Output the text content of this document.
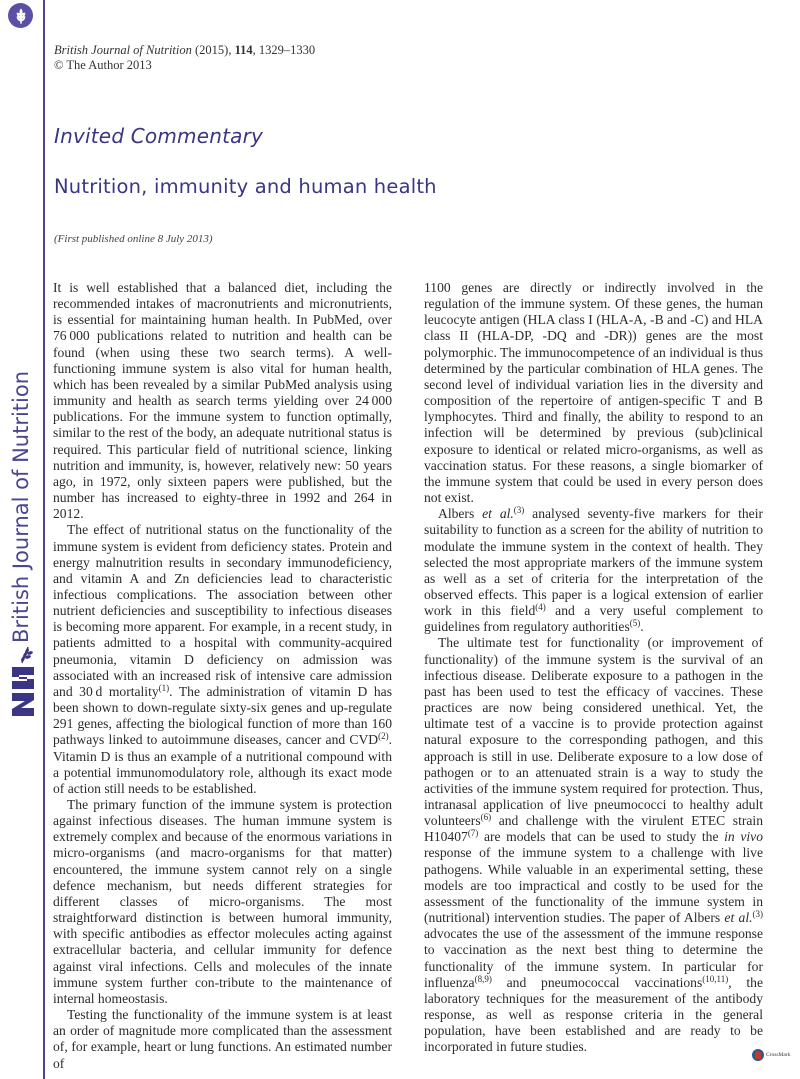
British Journal of Nutrition
British Journal of Nutrition (2015), 114, 1329–1330
© The Author 2013
Invited Commentary
Nutrition, immunity and human health
(First published online 8 July 2013)

It is well established that a balanced diet, including the recommended intakes of macronutrients and micronutrients, is essential for maintaining human health. In PubMed, over 76 000 publications related to nutrition and health can be found (when using these two search terms). A well-functioning immune system is also vital for human health, which has been revealed by a similar PubMed analysis using immunity and health as search terms yielding over 24 000 publications. For the immune system to function optimally, similar to the rest of the body, an adequate nutritional status is required. This particular field of nutritional science, linking nutrition and immunity, is, however, relatively new: 50 years ago, in 1972, only sixteen papers were published, but the number has increased to eighty-three in 1992 and 264 in 2012.

The effect of nutritional status on the functionality of the immune system is evident from deficiency states. Protein and energy malnutrition results in secondary immunodeficiency, and vitamin A and Zn deficiencies lead to characteristic infectious complications. The association between other nutrient deficiencies and susceptibility to infectious diseases is becoming more apparent. For example, in a recent study, in patients admitted to a hospital with community-acquired pneumonia, vitamin D deficiency on admission was associated with an increased risk of intensive care admission and 30 d mortality$^{(1)}$. The administration of vitamin D has been shown to down-regulate sixty-six genes and up-regulate 291 genes, affecting the biological function of more than 160 pathways linked to autoimmune diseases, cancer and CVD$^{(2)}$. Vitamin D is thus an example of a nutritional compound with a potential immunomodulatory role, although its exact mode of action still needs to be established.

The primary function of the immune system is protection against infectious diseases. The human immune system is extremely complex and because of the enormous variations in micro-organisms (and macro-organisms for that matter) encountered, the immune system cannot rely on a single defence mechanism, but needs different strategies for different classes of micro-organisms. The most straightforward distinction is between humoral immunity, with specific antibodies as effector molecules acting against extracellular bacteria, and cellular immunity for defence against viral infections. Cells and molecules of the innate immune system further con-tribute to the maintenance of internal homeostasis.

Testing the functionality of the immune system is at least an order of magnitude more complicated than the assessment of, for example, heart or lung functions. An estimated number of

1100 genes are directly or indirectly involved in the regulation of the immune system. Of these genes, the human leucocyte antigen (HLA class I (HLA-A, -B and -C) and HLA class II (HLA-DP, -DQ and -DR)) genes are the most polymorphic. The immunocompetence of an individual is thus determined by the particular combination of HLA genes. The second level of individual variation lies in the diversity and composition of the repertoire of antigen-specific T and B lymphocytes. Third and finally, the ability to respond to an infection will be determined by previous (sub)clinical exposure to identical or related micro-organisms, as well as vaccination status. For these reasons, a single biomarker of the immune system that could be used in every person does not exist.

Albers et al.$^{(3)}$ analysed seventy-five markers for their suitability to function as a screen for the ability of nutrition to modulate the immune system in the context of health. They selected the most appropriate markers of the immune system as well as a set of criteria for the interpretation of the observed effects. This paper is a logical extension of earlier work in this field$^{(4)}$ and a very useful complement to guidelines from regulatory authorities$^{(5)}$.

The ultimate test for functionality (or improvement of functionality) of the immune system is the survival of an infectious disease. Deliberate exposure to a pathogen in the past has been used to test the efficacy of vaccines. These practices are now being considered unethical. Yet, the ultimate test of a vaccine is to provide protection against natural exposure to the corresponding pathogen, and this approach is still in use. Deliberate exposure to a low dose of pathogen or to an attenuated strain is a way to study the activities of the immune system required for protection. Thus, intranasal application of live pneumococci to healthy adult volunteers$^{(6)}$ and challenge with the virulent ETEC strain H10407$^{(7)}$ are models that can be used to study the in vivo response of the immune system to a challenge with live pathogens. While valuable in an experimental setting, these models are too impractical and costly to be used for the assessment of the functionality of the immune system in (nutritional) intervention studies. The paper of Albers et al.$^{(3)}$ advocates the use of the assessment of the immune response to vaccination as the next best thing to determine the functionality of the immune system. In particular for influenza$^{(8,9)}$ and pneumococcal vaccinations$^{(10,11)}$, the laboratory techniques for the measurement of the antibody response, as well as response criteria in the general population, have been established and are ready to be incorporated in future studies.

CrossMark
